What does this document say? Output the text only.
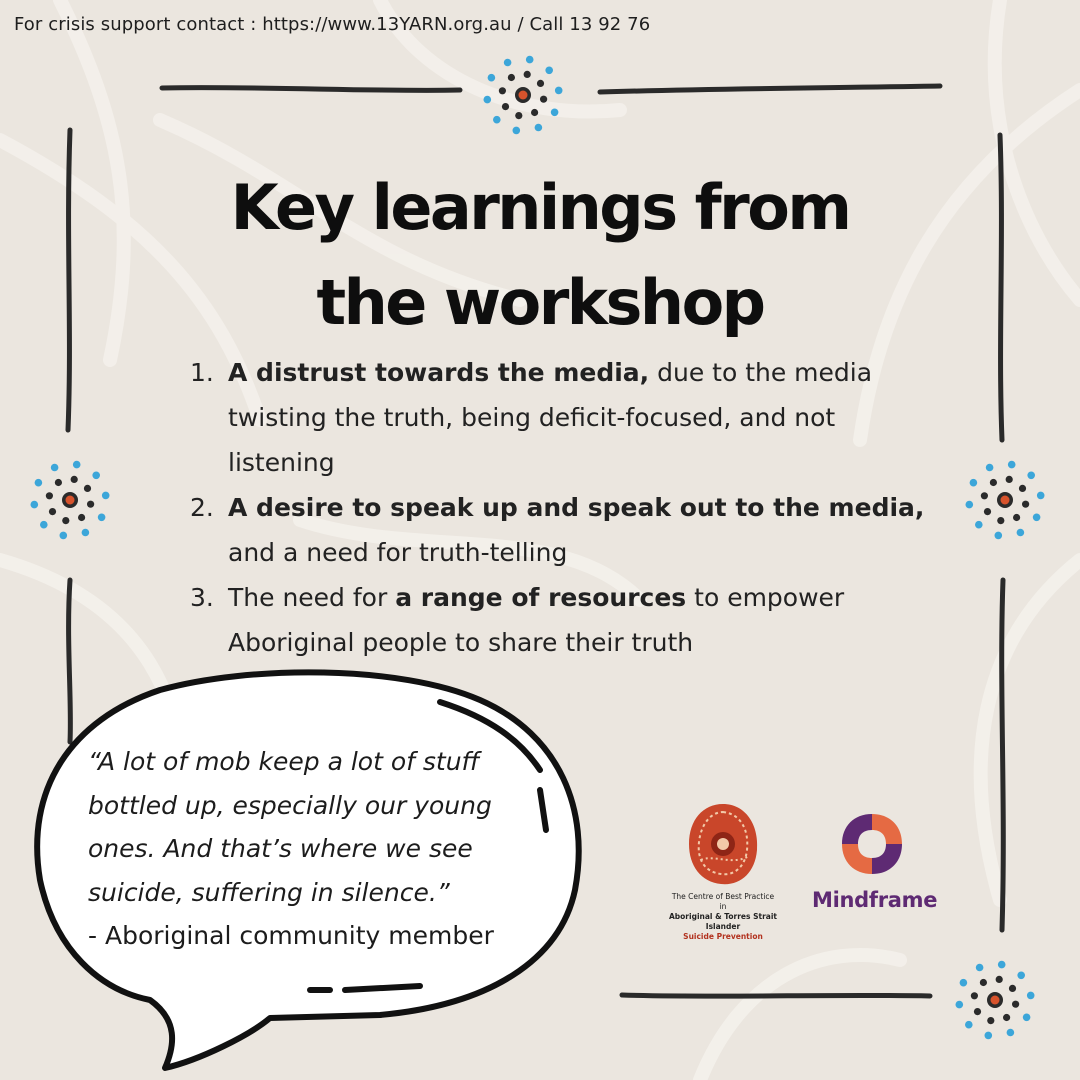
For crisis support contact : https://www.13YARN.org.au / Call 13 92 76
Key learnings from
the workshop
1. A distrust towards the media, due to the media twisting the truth, being deficit-focused, and not listening
2. A desire to speak up and speak out to the media, and a need for truth-telling
3. The need for a range of resources to empower Aboriginal people to share their truth
“A lot of mob keep a lot of stuff bottled up, especially our young ones. And that’s where we see suicide, suffering in silence.”
- Aboriginal community member
The Centre of Best Practice in
Aboriginal & Torres Strait Islander
Suicide Prevention
Mindframe
